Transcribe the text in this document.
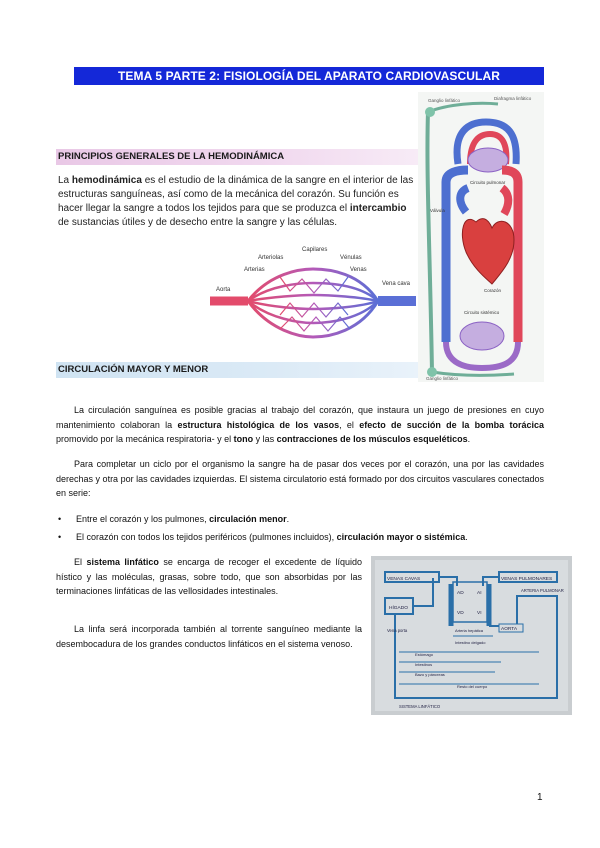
TEMA 5 PARTE 2: FISIOLOGÍA DEL APARATO CARDIOVASCULAR
Ganglio linfático	Diafragma linfático
Circuito pulmonar
Válvula
Corazón
Circuito sistémico
Ganglio linfático
PRINCIPIOS GENERALES DE LA HEMODINÁMICA
La hemodinámica es el estudio de la dinámica de la sangre en el interior de las estructuras sanguíneas, así como de la mecánica del corazón. Su función es hacer llegar la sangre a todos los tejidos para que se produzca el intercambio de sustancias útiles y de desecho entre la sangre y las células.
Capilares
Arteriolas	Vénulas
Arterias	Venas
Aorta
Vena cava
CIRCULACIÓN MAYOR Y MENOR
La circulación sanguínea es posible gracias al trabajo del corazón, que instaura un juego de presiones en cuyo mantenimiento colaboran la estructura histológica de los vasos, el efecto de succión de la bomba torácica promovido por la mecánica respiratoria- y el tono y las contracciones de los músculos esqueléticos.
Para completar un ciclo por el organismo la sangre ha de pasar dos veces por el corazón, una por las cavidades derechas y otra por las cavidades izquierdas. El sistema circulatorio está formado por dos circuitos vasculares conectados en serie:
• Entre el corazón y los pulmones, circulación menor.
• El corazón con todos los tejidos periféricos (pulmones incluidos), circulación mayor o sistémica.
El sistema linfático se encarga de recoger el excedente de líquido hístico y las moléculas, grasas, sobre todo, que son absorbidas por las terminaciones linfáticas de las vellosidades intestinales.
La linfa será incorporada también al torrente sanguíneo mediante la desembocadura de los grandes conductos linfáticos en el sistema venoso.
VENAS CAVAS	VENAS PULMONARES
ARTERIA PULMONAR
HÍGADO
Vena porta
AD	AI
VD	VI
AORTA
Arteria hepática
Intestino delgado
Estómago
Intestinos
Bazo y páncreas
Resto del cuerpo
SISTEMA LINFÁTICO
1
